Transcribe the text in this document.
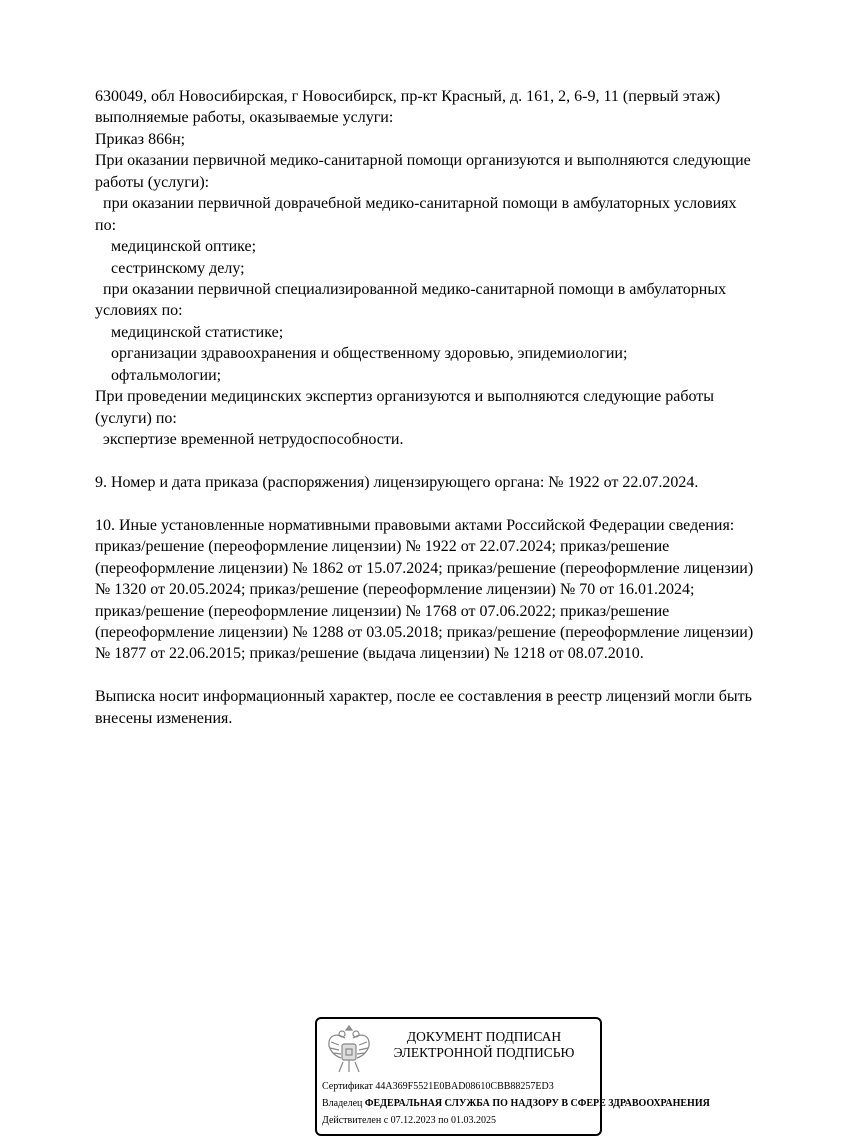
630049, обл Новосибирская, г Новосибирск, пр-кт Красный, д. 161, 2, 6-9, 11 (первый этаж)
выполняемые работы, оказываемые услуги:
Приказ 866н;
При оказании первичной медико-санитарной помощи организуются и выполняются следующие
работы (услуги):
при оказании первичной доврачебной медико-санитарной помощи в амбулаторных условиях
по:
медицинской оптике;
сестринскому делу;
при оказании первичной специализированной медико-санитарной помощи в амбулаторных
условиях по:
медицинской статистике;
организации здравоохранения и общественному здоровью, эпидемиологии;
офтальмологии;
При проведении медицинских экспертиз организуются и выполняются следующие работы
(услуги) по:
экспертизе временной нетрудоспособности.
9. Номер и дата приказа (распоряжения) лицензирующего органа: № 1922 от 22.07.2024.
10. Иные установленные нормативными правовыми актами Российской Федерации сведения:
приказ/решение (переоформление лицензии) № 1922 от 22.07.2024; приказ/решение
(переоформление лицензии) № 1862 от 15.07.2024; приказ/решение (переоформление лицензии)
№ 1320 от 20.05.2024; приказ/решение (переоформление лицензии) № 70 от 16.01.2024;
приказ/решение (переоформление лицензии) № 1768 от 07.06.2022; приказ/решение
(переоформление лицензии) № 1288 от 03.05.2018; приказ/решение (переоформление лицензии)
№ 1877 от 22.06.2015; приказ/решение (выдача лицензии) № 1218 от 08.07.2010.
Выписка носит информационный характер, после ее составления в реестр лицензий могли быть
внесены изменения.
ДОКУМЕНТ ПОДПИСАН
ЭЛЕКТРОННОЙ ПОДПИСЬЮ
Сертификат 44A369F5521E0BAD08610CBB88257ED3
Владелец ФЕДЕРАЛЬНАЯ СЛУЖБА ПО НАДЗОРУ В СФЕРЕ ЗДРАВООХРАНЕНИЯ
Действителен с 07.12.2023 по 01.03.2025
